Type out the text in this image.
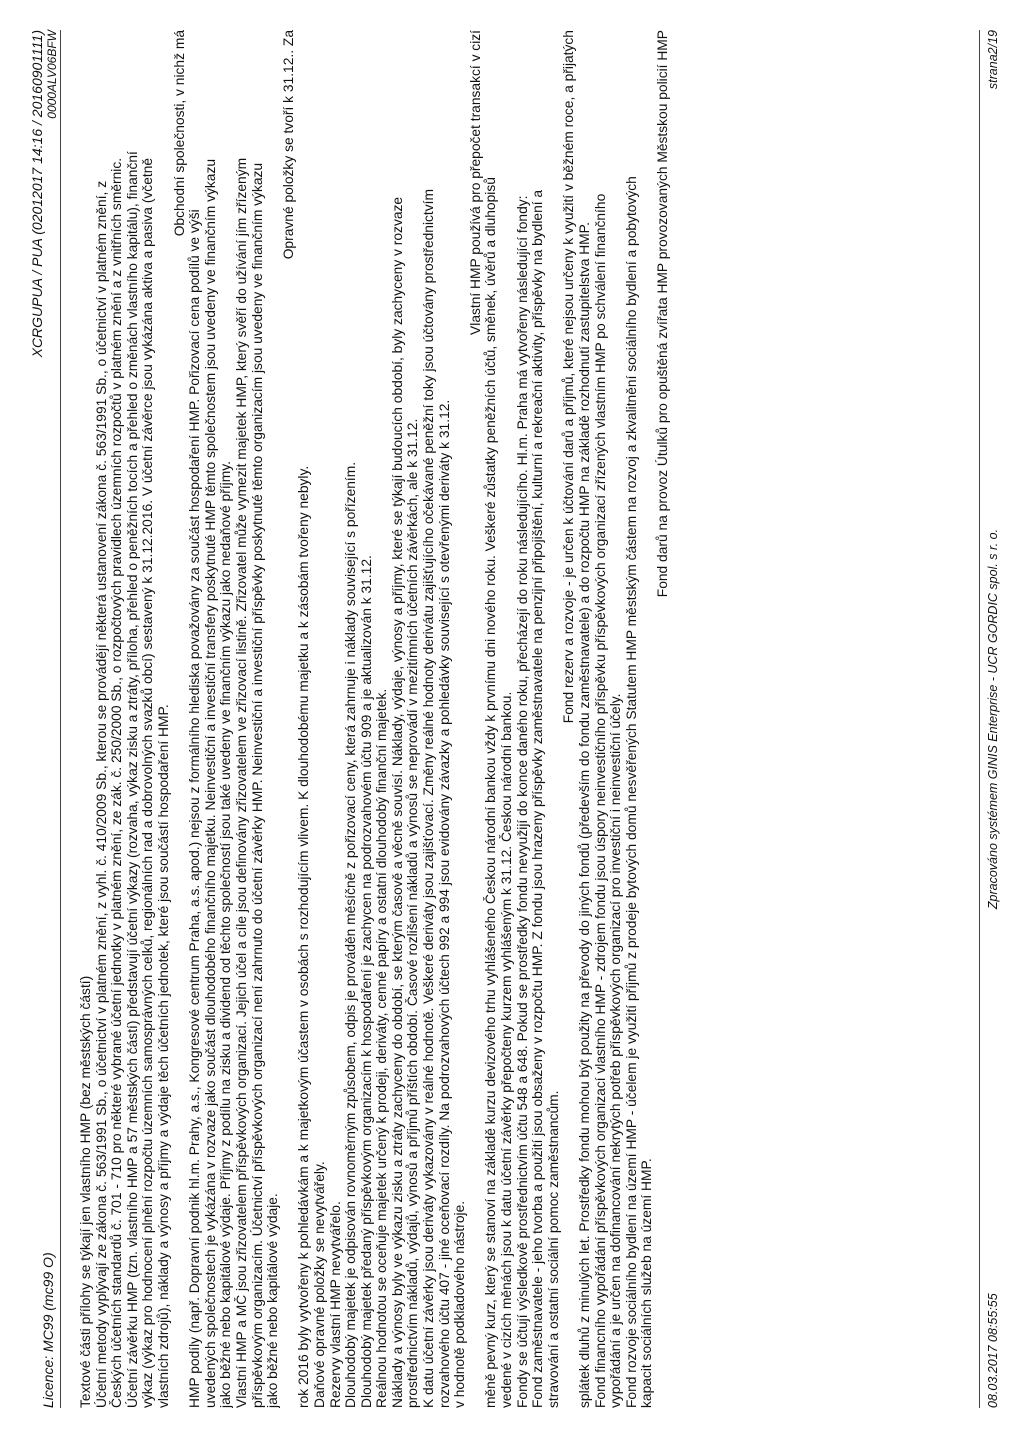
Licence: MC99 (mc99 O)
XCRGUPUA / PUA (02012017 14:16 / 20160901111) 0000ALV06BFW

Textové části přílohy se týkají jen vlastního HMP (bez městských částí) Účetní metody vyplývají ze zákona č. 563/1991 Sb., o účetnictví v platném znění, z vyhl. č. 410/2009 Sb., kterou se provádějí některá ustanovení zákona č. 563/1991 Sb., o účetnictví v platném znění, z Českých účetních standardů č. 701 - 710 pro některé vybrané účetní jednotky v platném znění, ze zák. č. 250/2000 Sb., o rozpočtových pravidlech územních rozpočtů v platném znění a z vnitřních směrnic. Účetní závěrku HMP (tzn. vlastního HMP a 57 městských částí) představují účetní výkazy (rozvaha, výkaz zisku a ztráty, příloha, přehled o peněžních tocích a přehled o změnách vlastního kapitálu), finanční výkaz (výkaz pro hodnocení plnění rozpočtu územních samosprávných celků, regionálních rad a dobrovolných svazků obcí) sestavený k 31.12.2016. V účetní závěrce jsou vykázána aktiva a pasiva (včetně vlastních zdrojů), náklady a výnosy a příjmy a výdaje těch účetních jednotek, které jsou součástí hospodaření HMP.

Obchodní společnosti, v nichž má

HMP podíly (např. Dopravní podnik hl.m. Prahy, a.s., Kongresové centrum Praha, a.s. apod.) nejsou z formálního hlediska považovány za součást hospodaření HMP. Pořizovací cena podílů ve výši uvedených společnostech je vykázána v rozvaze jako součást dlouhodobého finančního majetku. Neinvestiční a investiční transfery poskytnuté HMP těmto společnostem jsou uvedeny ve finančním výkazu jako běžné nebo kapitálové výdaje. Příjmy z podílu na zisku a dividend od těchto společností jsou také uvedeny ve finančním výkazu jako nedaňové příjmy. Vlastní HMP a MČ jsou zřizovatelem příspěvkových organizací. Jejich účel a cíle jsou definovány zřizovatelem ve zřizovací listině. Zřizovatel může vymezit majetek HMP, který svěří do užívání jím zřízeným příspěvkovým organizacím. Účetnictví příspěvkových organizací není zahrnuto do účetní závěrky HMP. Neinvestiční a investiční příspěvky poskytnuté těmto organizacím jsou uvedeny ve finančním výkazu jako běžné nebo kapitálové výdaje.

Opravné položky se tvoří k 31.12.. Za

rok 2016 byly vytvořeny k pohledávkám a k majetkovým účastem v osobách s rozhodujícím vlivem. K dlouhodobému majetku a k zásobám tvořeny nebyly. Daňové opravné položky se nevytvářely. Rezervy vlastní HMP nevytvářelo. Dlouhodobý majetek je odpisován rovnoměrným způsobem, odpis je prováděn měsíčně z pořizovací ceny, která zahrnuje i náklady související s pořízením. Dlouhodobý majetek předaný příspěvkovým organizacím k hospodaření je zachycen na podrozvahovém účtu 909 a je aktualizován k 31.12. Reálnou hodnotou se oceňuje majetek určený k prodeji, deriváty, cenné papíry a ostatní dlouhodobý finanční majetek. Náklady a výnosy byly ve výkazu zisku a ztráty zachyceny do období, se kterým časově a věcně souvisí. Náklady, výdaje, výnosy a příjmy, které se týkají budoucích období, byly zachyceny v rozvaze prostřednictvím nákladů, výdajů, výnosů a příjmů příštích období. Časové rozlišení nákladů a výnosů se neprovádí v mezitímních účetních závěrkách, ale k 31.12. K datu účetní závěrky jsou deriváty vykazovány v reálné hodnotě. Veškeré deriváty jsou zajišťovací. Změny reálné hodnoty derivátu zajišťujícího očekávané peněžní toky jsou účtovány prostřednictvím rozvahového účtu 407 - jiné oceňovací rozdíly. Na podrozvahových účtech 992 a 994 jsou evidovány závazky a pohledávky související s otevřenými deriváty k 31.12. v hodnotě podkladového nástroje.

Vlastní HMP používá pro přepočet transakcí v cizí měně pevný kurz, který se stanoví na základě kurzu devizového trhu vyhlášeného Českou národní bankou vždy k prvnímu dni nového roku. Veškeré zůstatky peněžních účtů, směnek, úvěrů a dluhopisů vedené v cizích měnách jsou k datu účetní závěrky přepočteny kurzem vyhlášeným k 31.12. Českou národní bankou. Fondy se účtují výsledkově prostřednictvím účtu 548 a 648. Pokud se prostředky fondu nevyužijí do konce daného roku, přecházejí do roku následujícího. Hl.m. Praha má vytvořeny následující fondy: Fond zaměstnavatele - jeho tvorba a použití jsou obsaženy v rozpočtu HMP. Z fondu jsou hrazeny příspěvky zaměstnavatele na penzijní připojištění, kulturní a rekreační aktivity, příspěvky na bydlení a stravování a ostatní sociální pomoc zaměstnancům.

Fond rezerv a rozvoje - je určen k účtování darů a příjmů, které nejsou určeny k využití v běžném roce, a přijatých splátek dluhů z minulých let. Prostředky fondu mohou být použity na převody do jiných fondů (především do fondu zaměstnavatele) a do rozpočtu HMP na základě rozhodnutí zastupitelstva HMP. Fond financního vypořádání příspěvkových organizací vlastního HMP - zdrojem fondu jsou úspory neinvestičního příspěvku příspěvkových organizací zřízených vlastním HMP po schválení finančního vypořádání a je určen na dofinancování nekrytých potřeb příspěvkových organizací pro investiční i neinvestiční účely. Fond rozvoje sociálního bydlení na území HMP - účelem je využití příjmů z prodeje bytových domů nesvěřených Statutem HMP městským částem na rozvoj a zkvalitnění sociálního bydlení a pobytových kapacit sociálních služeb na území HMP.

Fond darů na provoz Útulků pro opuštěná zvířata HMP provozovaných Městskou policií HMP

08.03.2017 08:55:55
Zpracováno systémem GINIS Enterprise - UCR GORDIC spol. s r. o.
strana2/19
